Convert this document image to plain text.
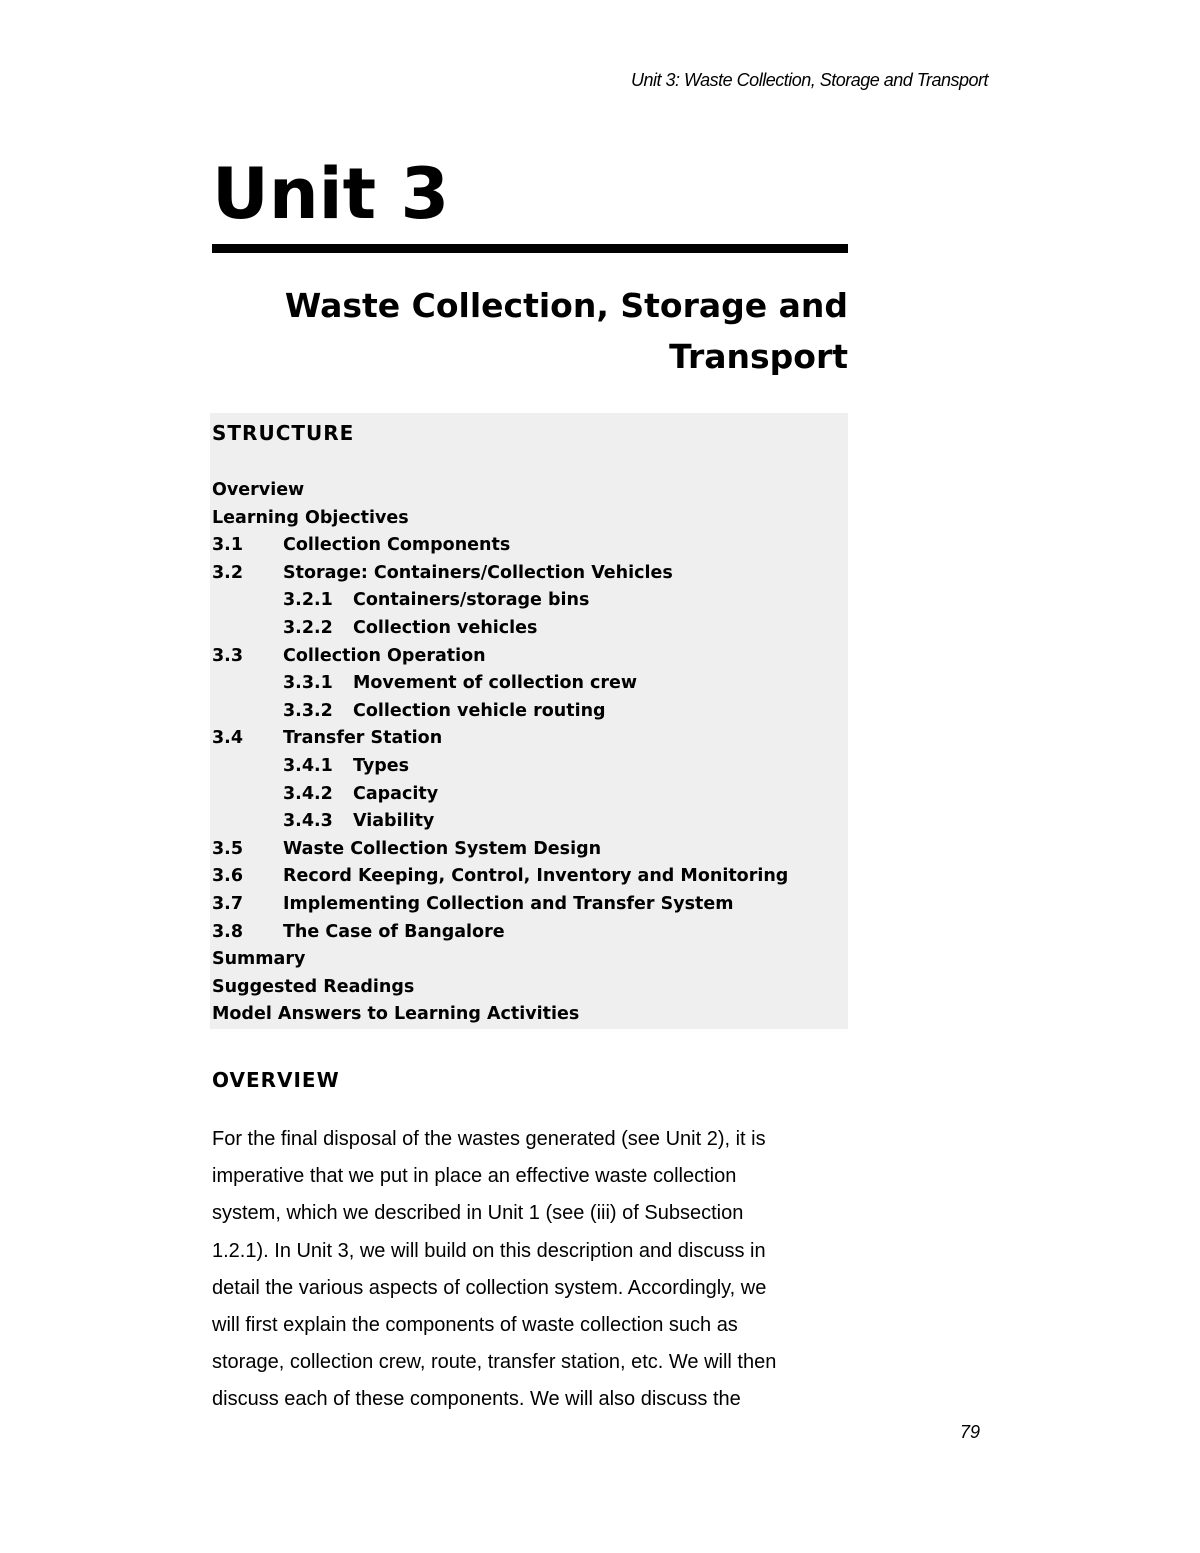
Unit 3: Waste Collection, Storage and Transport
Unit 3
Waste Collection, Storage and
Transport
STRUCTURE
Overview
Learning Objectives
3.1 Collection Components
3.2 Storage: Containers/Collection Vehicles
3.2.1 Containers/storage bins
3.2.2 Collection vehicles
3.3 Collection Operation
3.3.1 Movement of collection crew
3.3.2 Collection vehicle routing
3.4 Transfer Station
3.4.1 Types
3.4.2 Capacity
3.4.3 Viability
3.5 Waste Collection System Design
3.6 Record Keeping, Control, Inventory and Monitoring
3.7 Implementing Collection and Transfer System
3.8 The Case of Bangalore
Summary
Suggested Readings
Model Answers to Learning Activities
OVERVIEW
For the final disposal of the wastes generated (see Unit 2), it is
imperative that we put in place an effective waste collection
system, which we described in Unit 1 (see (iii) of Subsection
1.2.1). In Unit 3, we will build on this description and discuss in
detail the various aspects of collection system. Accordingly, we
will first explain the components of waste collection such as
storage, collection crew, route, transfer station, etc. We will then
discuss each of these components. We will also discuss the
79
